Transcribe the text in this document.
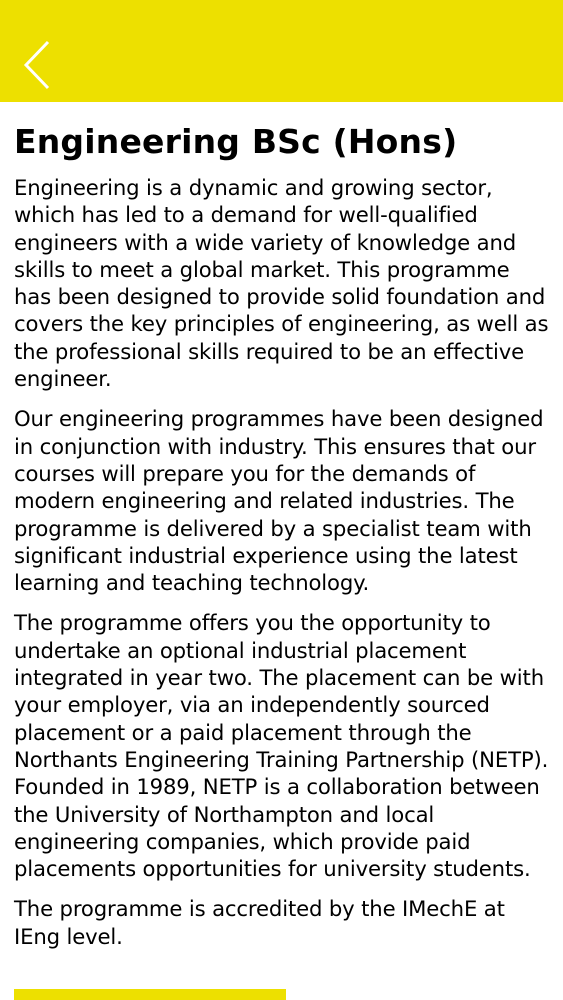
Engineering BSc (Hons)

Engineering is a dynamic and growing sector, which has led to a demand for well-qualified engineers with a wide variety of knowledge and skills to meet a global market. This programme has been designed to provide solid foundation and covers the key principles of engineering, as well as the professional skills required to be an effective engineer.

Our engineering programmes have been designed in conjunction with industry. This ensures that our courses will prepare you for the demands of modern engineering and related industries. The programme is delivered by a specialist team with significant industrial experience using the latest learning and teaching technology.

The programme offers you the opportunity to undertake an optional industrial placement integrated in year two. The placement can be with your employer, via an independently sourced placement or a paid placement through the Northants Engineering Training Partnership (NETP). Founded in 1989, NETP is a collaboration between the University of Northampton and local engineering companies, which provide paid placements opportunities for university students.

The programme is accredited by the IMechE at IEng level.
